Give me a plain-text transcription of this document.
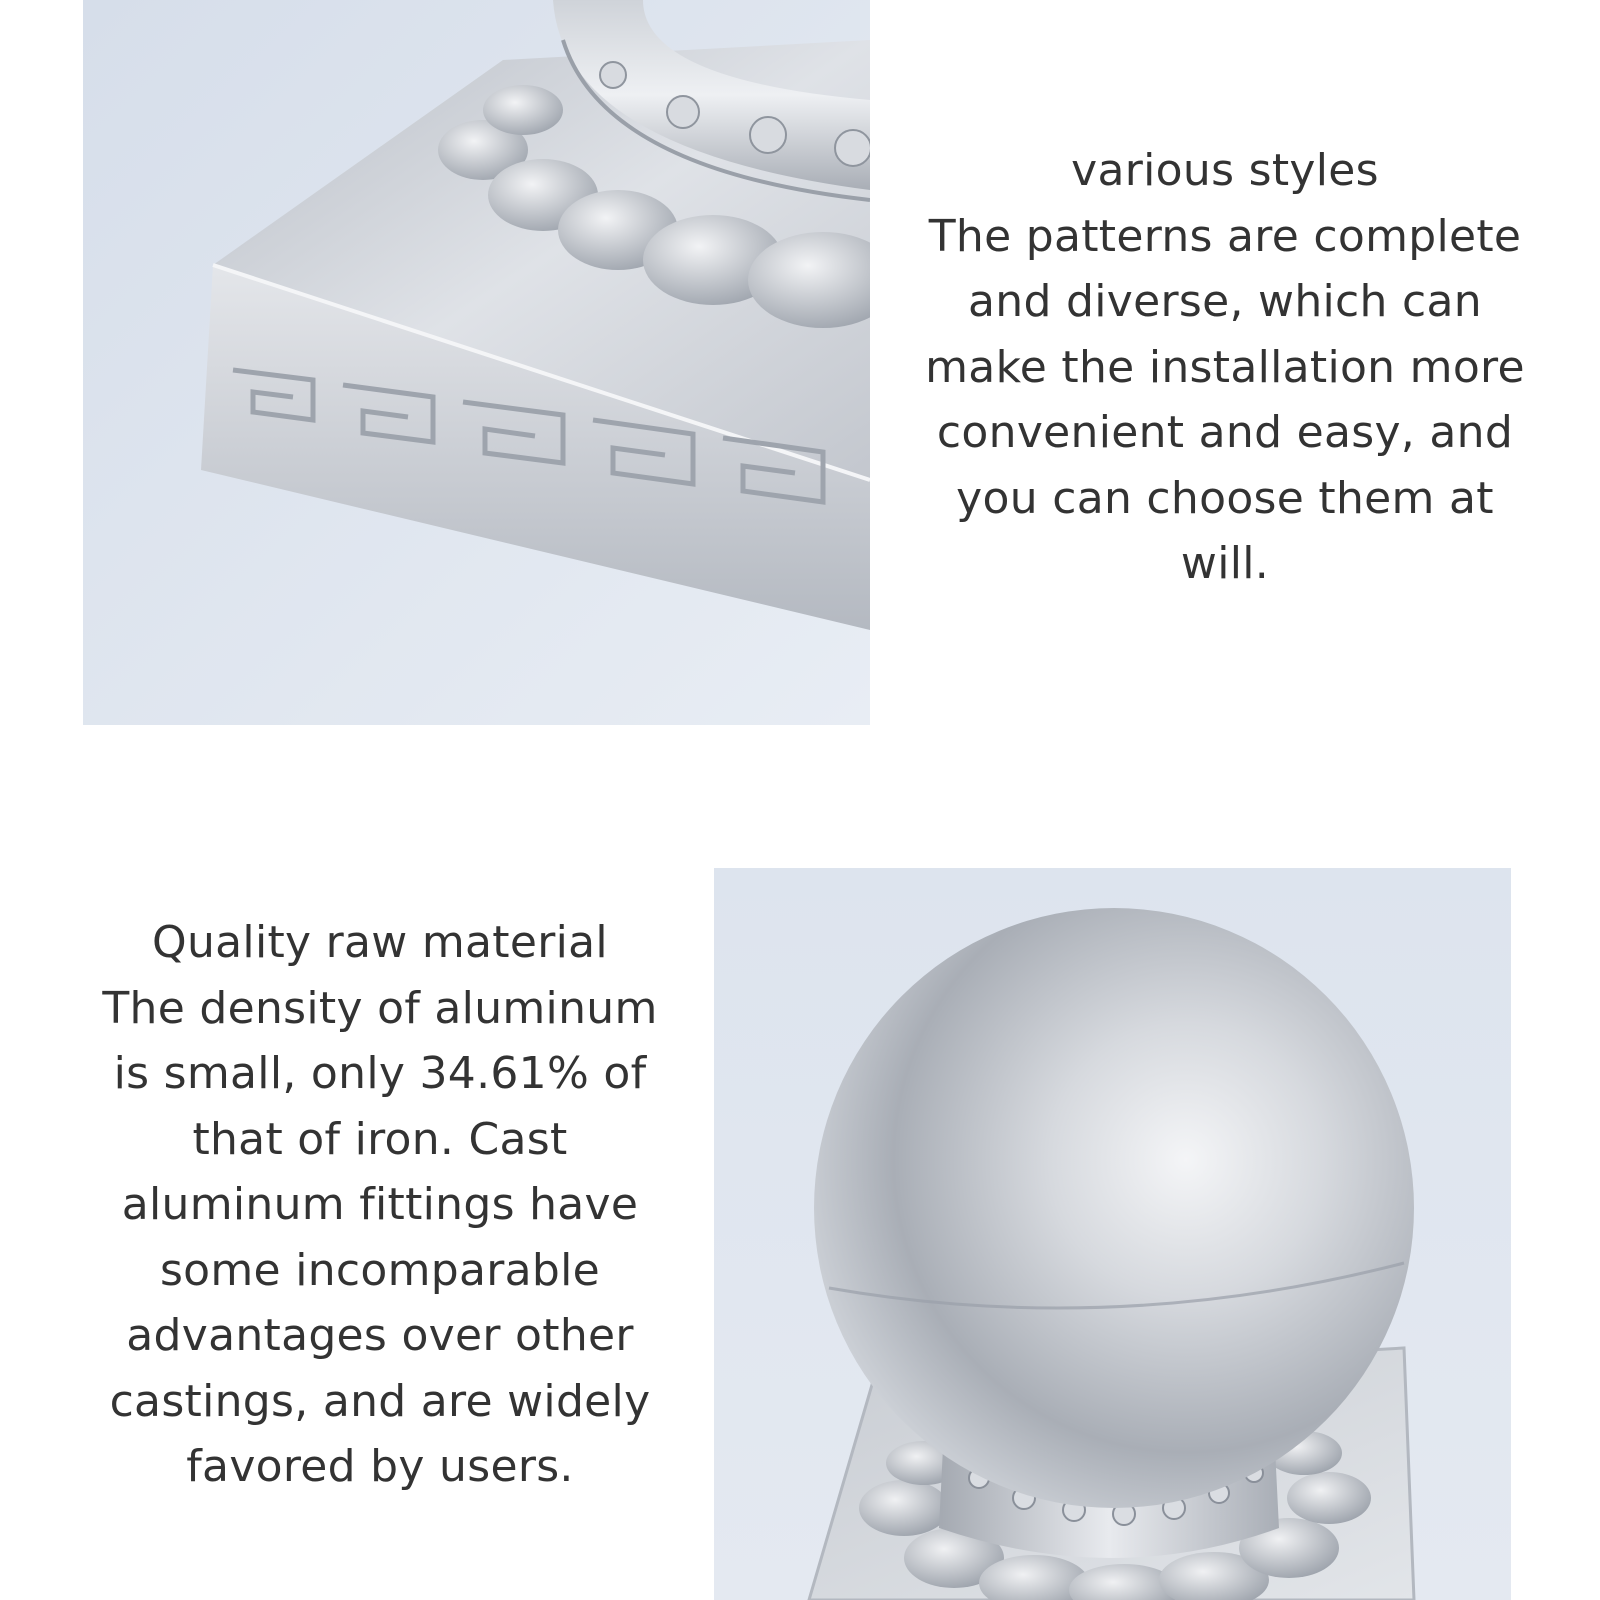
various styles

The patterns are complete and diverse, which can make the installation more convenient and easy, and you can choose them at will.

Quality raw material

The density of aluminum is small, only 34.61% of that of iron. Cast aluminum fittings have some incomparable advantages over other castings, and are widely favored by users.
